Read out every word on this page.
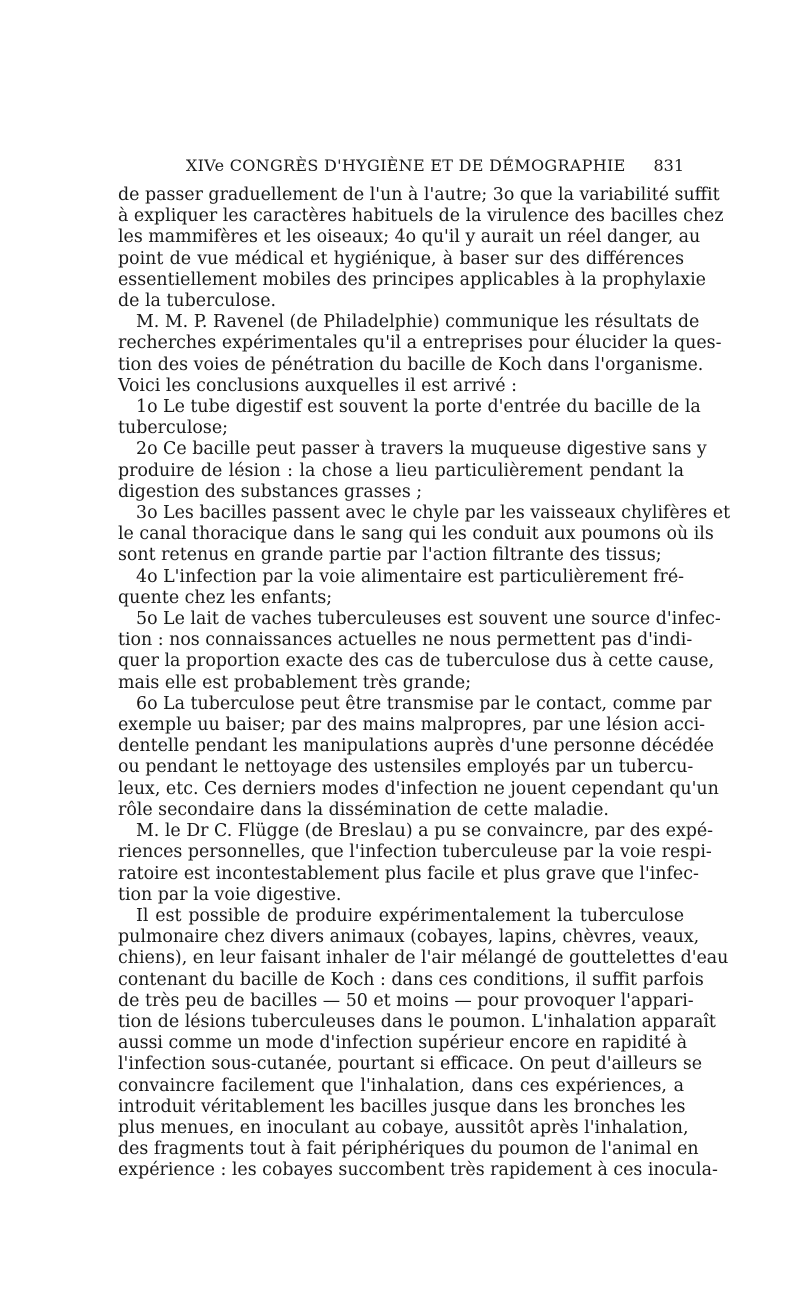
XIVe CONGRÈS D'HYGIÈNE ET DE DÉMOGRAPHIE	831
de passer graduellement de l'un à l'autre; 3o que la variabilité suffit
à expliquer les caractères habituels de la virulence des bacilles chez
les mammifères et les oiseaux; 4o qu'il y aurait un réel danger, au
point de vue médical et hygiénique, à baser sur des différences
essentiellement mobiles des principes applicables à la prophylaxie
de la tuberculose.
M. M. P. Ravenel (de Philadelphie) communique les résultats de
recherches expérimentales qu'il a entreprises pour élucider la ques-
tion des voies de pénétration du bacille de Koch dans l'organisme.
Voici les conclusions auxquelles il est arrivé :
1o Le tube digestif est souvent la porte d'entrée du bacille de la
tuberculose;
2o Ce bacille peut passer à travers la muqueuse digestive sans y
produire de lésion : la chose a lieu particulièrement pendant la
digestion des substances grasses ;
3o Les bacilles passent avec le chyle par les vaisseaux chylifères et
le canal thoracique dans le sang qui les conduit aux poumons où ils
sont retenus en grande partie par l'action filtrante des tissus;
4o L'infection par la voie alimentaire est particulièrement fré-
quente chez les enfants;
5o Le lait de vaches tuberculeuses est souvent une source d'infec-
tion : nos connaissances actuelles ne nous permettent pas d'indi-
quer la proportion exacte des cas de tuberculose dus à cette cause,
mais elle est probablement très grande;
6o La tuberculose peut être transmise par le contact, comme par
exemple uu baiser; par des mains malpropres, par une lésion acci-
dentelle pendant les manipulations auprès d'une personne décédée
ou pendant le nettoyage des ustensiles employés par un tubercu-
leux, etc. Ces derniers modes d'infection ne jouent cependant qu'un
rôle secondaire dans la dissémination de cette maladie.
M. le Dr C. Flügge (de Breslau) a pu se convaincre, par des expé-
riences personnelles, que l'infection tuberculeuse par la voie respi-
ratoire est incontestablement plus facile et plus grave que l'infec-
tion par la voie digestive.
Il est possible de produire expérimentalement la tuberculose
pulmonaire chez divers animaux (cobayes, lapins, chèvres, veaux,
chiens), en leur faisant inhaler de l'air mélangé de gouttelettes d'eau
contenant du bacille de Koch : dans ces conditions, il suffit parfois
de très peu de bacilles — 50 et moins — pour provoquer l'appari-
tion de lésions tuberculeuses dans le poumon. L'inhalation apparaît
aussi comme un mode d'infection supérieur encore en rapidité à
l'infection sous-cutanée, pourtant si efficace. On peut d'ailleurs se
convaincre facilement que l'inhalation, dans ces expériences, a
introduit véritablement les bacilles jusque dans les bronches les
plus menues, en inoculant au cobaye, aussitôt après l'inhalation,
des fragments tout à fait périphériques du poumon de l'animal en
expérience : les cobayes succombent très rapidement à ces inocula-
